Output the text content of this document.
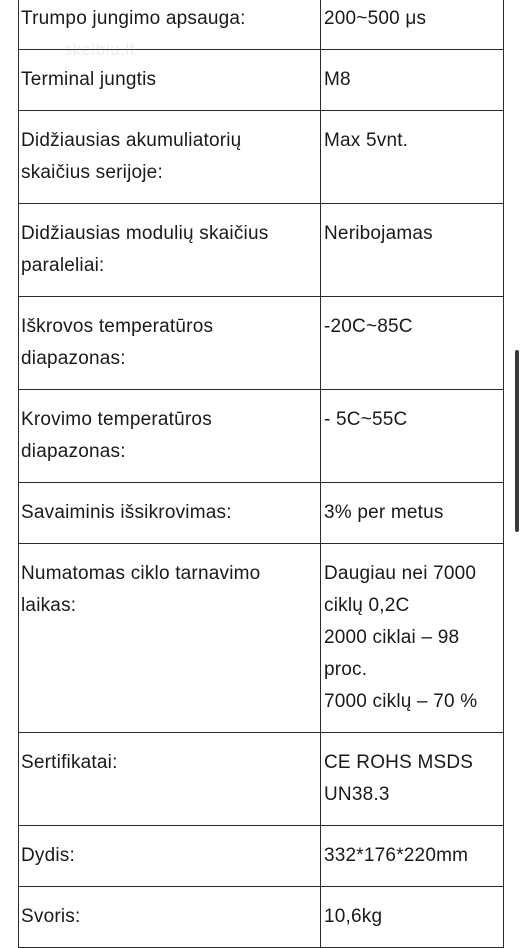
Trumpo jungimo apsauga:	200~500 μs

Terminal jungtis	M8

Didžiausias akumuliatorių skaičius serijoje:	Max 5vnt.

Didžiausias modulių skaičius paraleliai:	Neribojamas

Iškrovos temperatūros diapazonas:	-20C~85C

Krovimo temperatūros diapazonas:	- 5C~55C

Savaiminis išsikrovimas:	3% per metus

Numatomas ciklo tarnavimo laikas:	Daugiau nei 7000 ciklų 0,2C
2000 ciklai – 98 proc.
7000 ciklų – 70 %

Sertifikatai:	CE ROHS MSDS UN38.3

Dydis:	332*176*220mm

Svoris:	10,6kg
skelbiu.lt
